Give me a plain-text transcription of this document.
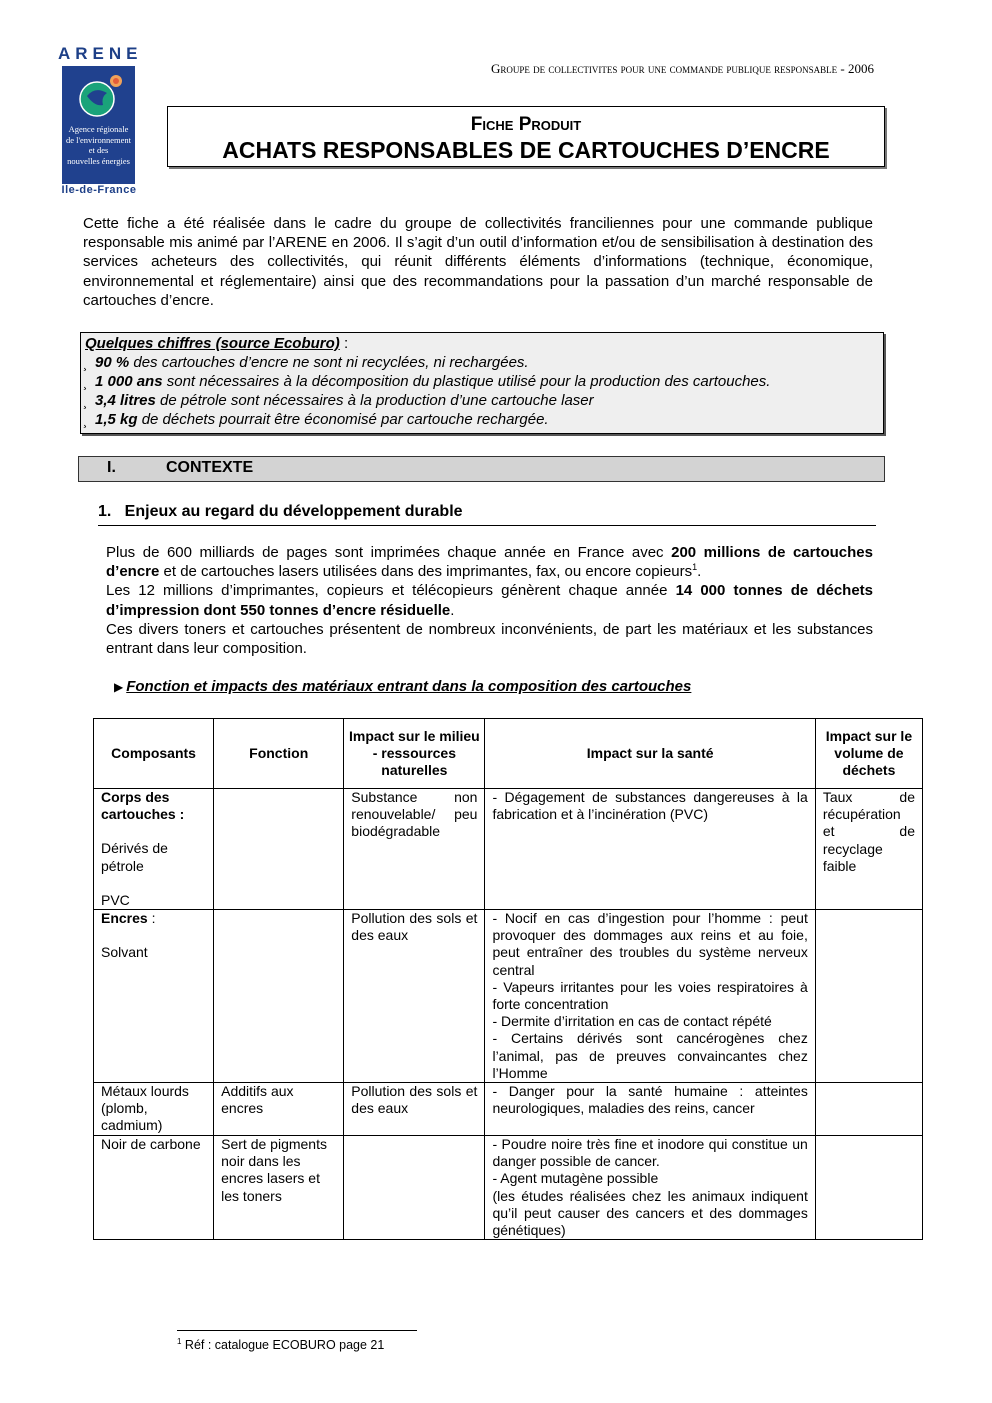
ARENE
Agence régionale
de l'environnement
et des
nouvelles énergies
Ile-de-France
Groupe de collectivites pour une commande publique responsable - 2006
Fiche Produit
ACHATS RESPONSABLES DE CARTOUCHES D’ENCRE
Cette fiche a été réalisée dans le cadre du groupe de collectivités franciliennes pour une commande publique responsable mis animé par l’ARENE en 2006. Il s’agit d’un outil d’information et/ou de sensibilisation à destination des services acheteurs des collectivités, qui réunit différents éléments d’informations (technique, économique, environnemental et réglementaire) ainsi que des recommandations pour la passation d’un marché responsable de cartouches d’encre.
Quelques chiffres (source Ecoburo) :
¸ 90 % des cartouches d’encre ne sont ni recyclées, ni rechargées.
¸ 1 000 ans sont nécessaires à la décomposition du plastique utilisé pour la production des cartouches.
¸ 3,4 litres de pétrole sont nécessaires à la production d’une cartouche laser
¸ 1,5 kg de déchets pourrait être économisé par cartouche rechargée.
I.	CONTEXTE
1.   Enjeux au regard du développement durable
Plus de 600 milliards de pages sont imprimées chaque année en France avec 200 millions de cartouches d’encre et de cartouches lasers utilisées dans des imprimantes, fax, ou encore copieurs$^1$.
Les 12 millions d’imprimantes, copieurs et télécopieurs génèrent chaque année 14 000 tonnes de déchets d’impression dont 550 tonnes d’encre résiduelle.
Ces divers toners et cartouches présentent de nombreux inconvénients, de part les matériaux et les substances entrant dans leur composition.
▶ Fonction et impacts des matériaux entrant dans la composition des cartouches
Composants	Fonction	Impact sur le milieu - ressources naturelles	Impact sur la santé	Impact sur le volume de déchets

Corps des cartouches :
Dérivés de pétrole
PVC		Substance non renouvelable/ peu biodégradable	- Dégagement de substances dangereuses à la fabrication et à l’incinération (PVC)	Taux de récupération et de recyclage faible

Encres :
Solvant		Pollution des sols et des eaux	- Nocif en cas d’ingestion pour l’homme : peut provoquer des dommages aux reins et au foie, peut entraîner des troubles du système nerveux central
- Vapeurs irritantes pour les voies respiratoires à forte concentration
- Dermite d’irritation en cas de contact répété
- Certains dérivés sont cancérogènes chez l’animal, pas de preuves convaincantes chez l’Homme	

Métaux lourds (plomb, cadmium)	Additifs aux encres	Pollution des sols et des eaux	- Danger pour la santé humaine : atteintes neurologiques, maladies des reins, cancer	
Noir de carbone	Sert de pigments noir dans les encres lasers et les toners		- Poudre noire très fine et inodore qui constitue un danger possible de cancer.
- Agent mutagène possible
(les études réalisées chez les animaux indiquent qu’il peut causer des cancers et des dommages génétiques)	

$^1$ Réf : catalogue ECOBURO page 21
